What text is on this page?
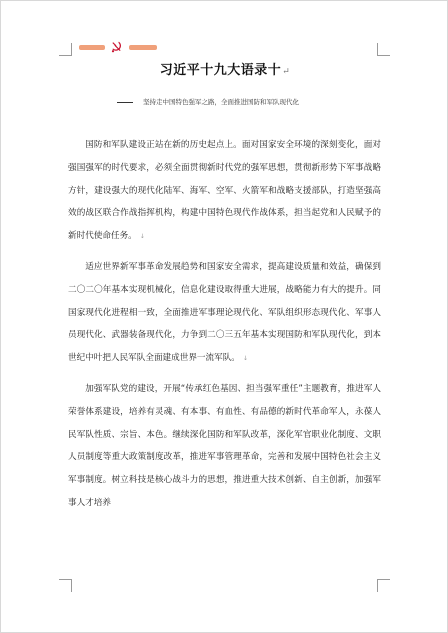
习近平十九大语录十↵
坚持走中国特色强军之路，全面推进国防和军队现代化

国防和军队建设正站在新的历史起点上。面对国家安全环境的深刻变化，面对强国强军的时代要求，必须全面贯彻新时代党的强军思想，贯彻新形势下军事战略方针，建设强大的现代化陆军、海军、空军、火箭军和战略支援部队，打造坚强高效的战区联合作战指挥机构，构建中国特色现代作战体系，担当起党和人民赋予的新时代使命任务。 ↓

适应世界新军事革命发展趋势和国家安全需求，提高建设质量和效益，确保到二〇二〇年基本实现机械化，信息化建设取得重大进展，战略能力有大的提升。同国家现代化进程相一致，全面推进军事理论现代化、军队组织形态现代化、军事人员现代化、武器装备现代化，力争到二〇三五年基本实现国防和军队现代化，到本世纪中叶把人民军队全面建成世界一流军队。 ↓

加强军队党的建设，开展“传承红色基因、担当强军重任”主题教育，推进军人荣誉体系建设，培养有灵魂、有本事、有血性、有品德的新时代革命军人，永葆人民军队性质、宗旨、本色。继续深化国防和军队改革，深化军官职业化制度、文职人员制度等重大政策制度改革，推进军事管理革命，完善和发展中国特色社会主义军事制度。树立科技是核心战斗力的思想，推进重大技术创新、自主创新，加强军事人才培养
